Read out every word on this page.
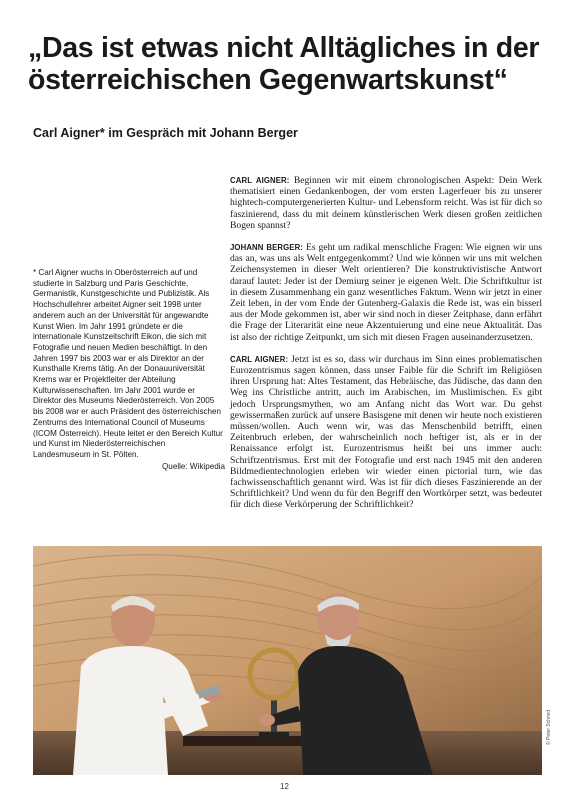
„Das ist etwas nicht Alltägliches in der
österreichischen Gegenwartskunst“
Carl Aigner* im Gespräch mit Johann Berger

CARL AIGNER: Beginnen wir mit einem chronologischen Aspekt: Dein Werk thematisiert einen Gedankenbogen, der vom ersten Lagerfeuer bis zu unserer hightech-computergenerierten Kultur- und Lebensform reicht. Was ist für dich so faszinierend, dass du mit deinem künstlerischen Werk diesen großen zeitlichen Bogen spannst?

JOHANN BERGER: Es geht um radikal menschliche Fragen: Wie eignen wir uns das an, was uns als Welt entgegenkommt? Und wie können wir uns mit welchen Zeichensystemen in dieser Welt orientieren? Die konstruktivistische Antwort darauf lautet: Jeder ist der Demiurg seiner je eigenen Welt. Die Schriftkultur ist in diesem Zusammenhang ein ganz wesentliches Faktum. Wenn wir jetzt in einer Zeit leben, in der vom Ende der Gutenberg-Galaxis die Rede ist, was ein bisserl aus der Mode gekommen ist, aber wir sind noch in dieser Zeitphase, dann erfährt die Frage der Literarität eine neue Akzentuierung und eine neue Aktualität. Das ist also der richtige Zeitpunkt, um sich mit diesen Fragen auseinanderzusetzen.

CARL AIGNER: Jetzt ist es so, dass wir durchaus im Sinn eines problematischen Eurozentrismus sagen können, dass unser Faible für die Schrift im Religiösen ihren Ursprung hat: Altes Testament, das Hebräische, das Jüdische, das dann den Weg ins Christliche antritt, auch im Arabischen, im Muslimischen. Es gibt jedoch Ursprungsmythen, wo am Anfang nicht das Wort war. Du gehst gewissermaßen zurück auf unsere Basisgene mit denen wir heute noch existieren müssen/wollen. Auch wenn wir, was das Menschenbild betrifft, einen Zeitenbruch erleben, der wahrscheinlich noch heftiger ist, als er in der Renaissance erfolgt ist. Eurozentrismus heißt bei uns immer auch: Schriftzentrismus. Erst mit der Fotografie und erst nach 1945 mit den anderen Bildmedientechnologien erleben wir wieder einen pictorial turn, wie das fachwissenschaftlich genannt wird. Was ist für dich dieses Faszinierende an der Schriftlichkeit? Und wenn du für den Begriff den Wortkörper setzt, was bedeutet für dich diese Verkörperung der Schriftlichkeit?

* Carl Aigner wuchs in Oberösterreich auf und studierte in Salzburg und Paris Geschichte, Germanistik, Kunstgeschichte und Publizistik. Als Hochschullehrer arbeitet Aigner seit 1998 unter anderem auch an der Universität für angewandte Kunst Wien. Im Jahr 1991 gründete er die internationale Kunstzeitschrift Eikon, die sich mit Fotografie und neuen Medien beschäftigt. In den Jahren 1997 bis 2003 war er als Direktor an der Kunsthalle Krems tätig. An der Donauuniversität Krems war er Projektleiter der Abteilung Kulturwissenschaften. Im Jahr 2001 wurde er Direktor des Museums Niederösterreich. Von 2005 bis 2008 war er auch Präsident des österreichischen Zentrums des International Council of Museums (ICOM Österreich). Heute leitet er den Bereich Kultur und Kunst im Niederösterreichischen Landesmuseum in St. Pölten.

Quelle: Wikipedia

© Peter Schmid
12
